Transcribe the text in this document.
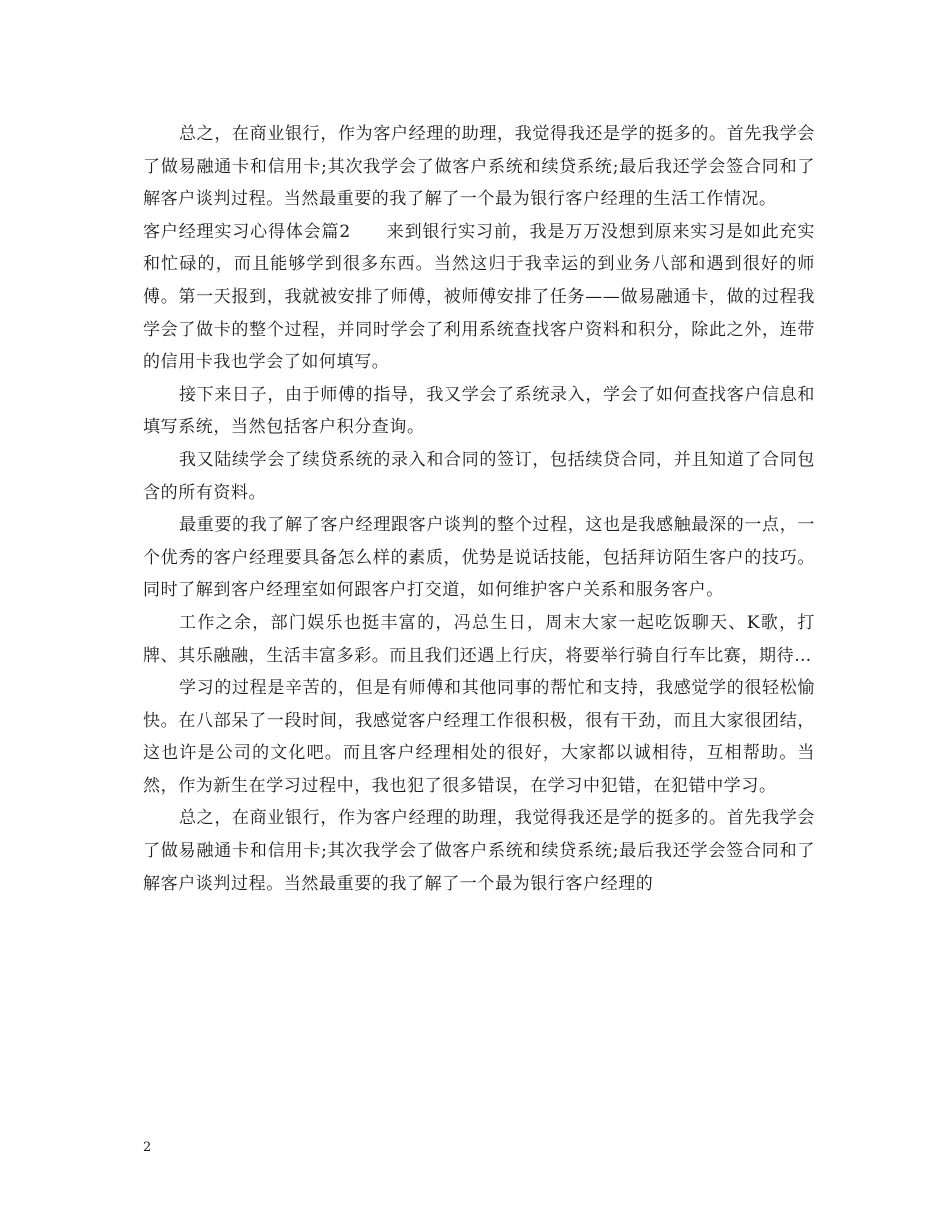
总之，在商业银行，作为客户经理的助理，我觉得我还是学的挺多的。首先我学会了做易融通卡和信用卡;其次我学会了做客户系统和续贷系统;最后我还学会签合同和了解客户谈判过程。当然最重要的我了解了一个最为银行客户经理的生活工作情况。

客户经理实习心得体会篇2　　来到银行实习前，我是万万没想到原来实习是如此充实和忙碌的，而且能够学到很多东西。当然这归于我幸运的到业务八部和遇到很好的师傅。第一天报到，我就被安排了师傅，被师傅安排了任务——做易融通卡，做的过程我学会了做卡的整个过程，并同时学会了利用系统查找客户资料和积分，除此之外，连带的信用卡我也学会了如何填写。

接下来日子，由于师傅的指导，我又学会了系统录入，学会了如何查找客户信息和填写系统，当然包括客户积分查询。

我又陆续学会了续贷系统的录入和合同的签订，包括续贷合同，并且知道了合同包含的所有资料。

最重要的我了解了客户经理跟客户谈判的整个过程，这也是我感触最深的一点，一个优秀的客户经理要具备怎么样的素质，优势是说话技能，包括拜访陌生客户的技巧。同时了解到客户经理室如何跟客户打交道，如何维护客户关系和服务客户。

工作之余，部门娱乐也挺丰富的，冯总生日，周末大家一起吃饭聊天、K歌，打牌、其乐融融，生活丰富多彩。而且我们还遇上行庆，将要举行骑自行车比赛，期待…

学习的过程是辛苦的，但是有师傅和其他同事的帮忙和支持，我感觉学的很轻松愉快。在八部呆了一段时间，我感觉客户经理工作很积极，很有干劲，而且大家很团结，这也许是公司的文化吧。而且客户经理相处的很好，大家都以诚相待，互相帮助。当然，作为新生在学习过程中，我也犯了很多错误，在学习中犯错，在犯错中学习。

总之，在商业银行，作为客户经理的助理，我觉得我还是学的挺多的。首先我学会了做易融通卡和信用卡;其次我学会了做客户系统和续贷系统;最后我还学会签合同和了解客户谈判过程。当然最重要的我了解了一个最为银行客户经理的

2
